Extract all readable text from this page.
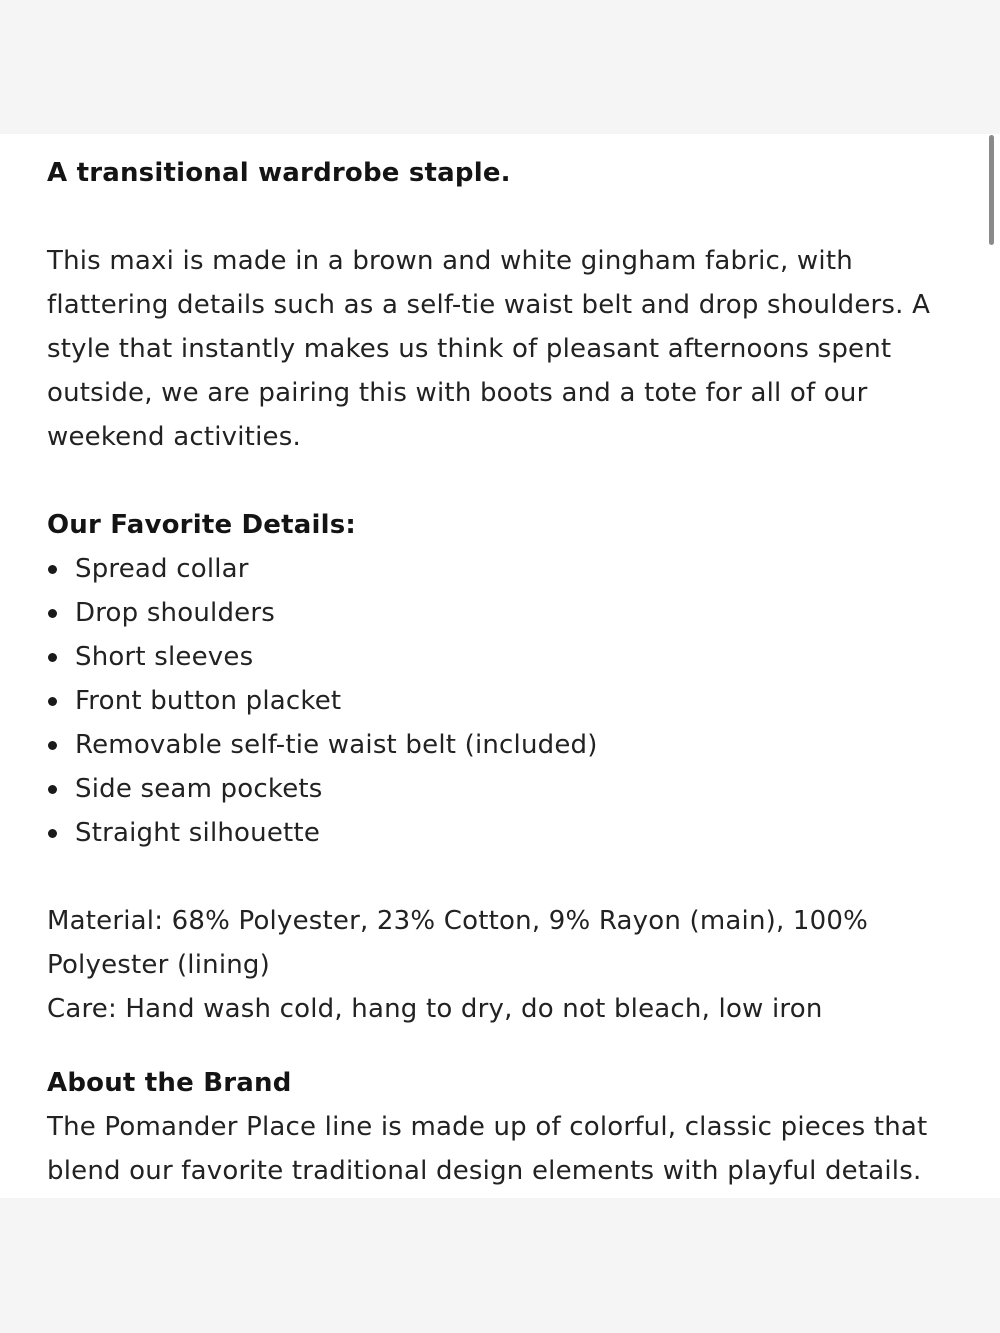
A transitional wardrobe staple.

This maxi is made in a brown and white gingham fabric, with flattering details such as a self-tie waist belt and drop shoulders. A style that instantly makes us think of pleasant afternoons spent outside, we are pairing this with boots and a tote for all of our weekend activities.

Our Favorite Details:

Spread collar
Drop shoulders
Short sleeves
Front button placket
Removable self-tie waist belt (included)
Side seam pockets
Straight silhouette

Material: 68% Polyester, 23% Cotton, 9% Rayon (main), 100% Polyester (lining)

Care: Hand wash cold, hang to dry, do not bleach, low iron

About the Brand

The Pomander Place line is made up of colorful, classic pieces that blend our favorite traditional design elements with playful details.
